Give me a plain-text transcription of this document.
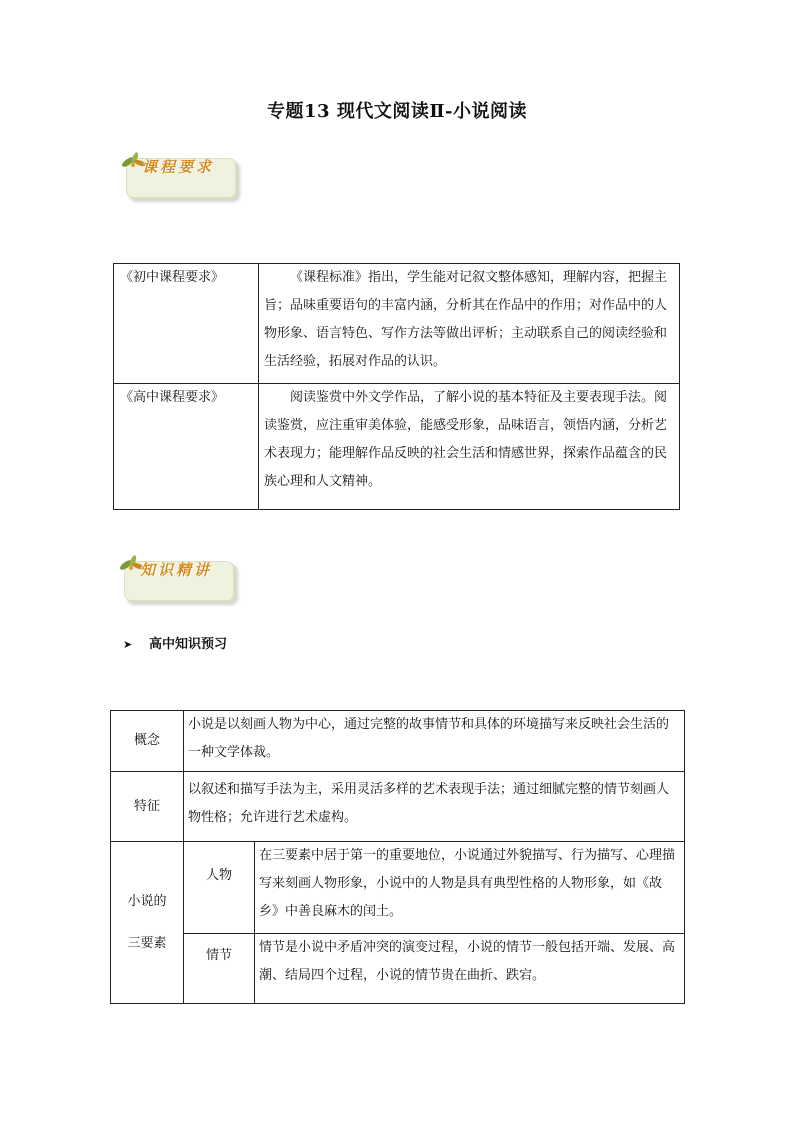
专题13 现代文阅读Ⅱ-小说阅读
课程要求
《初中课程要求》	《课程标准》指出，学生能对记叙文整体感知，理解内容，把握主旨；品味重要语句的丰富内涵，分析其在作品中的作用；对作品中的人物形象、语言特色、写作方法等做出评析；主动联系自己的阅读经验和生活经验，拓展对作品的认识。
《高中课程要求》	阅读鉴赏中外文学作品，了解小说的基本特征及主要表现手法。阅读鉴赏，应注重审美体验，能感受形象，品味语言，领悟内涵，分析艺术表现力；能理解作品反映的社会生活和情感世界，探索作品蕴含的民族心理和人文精神。
知识精讲
➤ 高中知识预习
概念	小说是以刻画人物为中心，通过完整的故事情节和具体的环境描写来反映社会生活的一种文学体裁。	
特征	以叙述和描写手法为主，采用灵活多样的艺术表现手法；通过细腻完整的情节刻画人物性格；允许进行艺术虚构。	

小说的
三要素	人物	在三要素中居于第一的重要地位，小说通过外貌描写、行为描写、心理描写来刻画人物形象，小说中的人物是具有典型性格的人物形象，如《故乡》中善良麻木的闰土。
	情节	情节是小说中矛盾冲突的演变过程，小说的情节一般包括开端、发展、高潮、结局四个过程，小说的情节贵在曲折、跌宕。
